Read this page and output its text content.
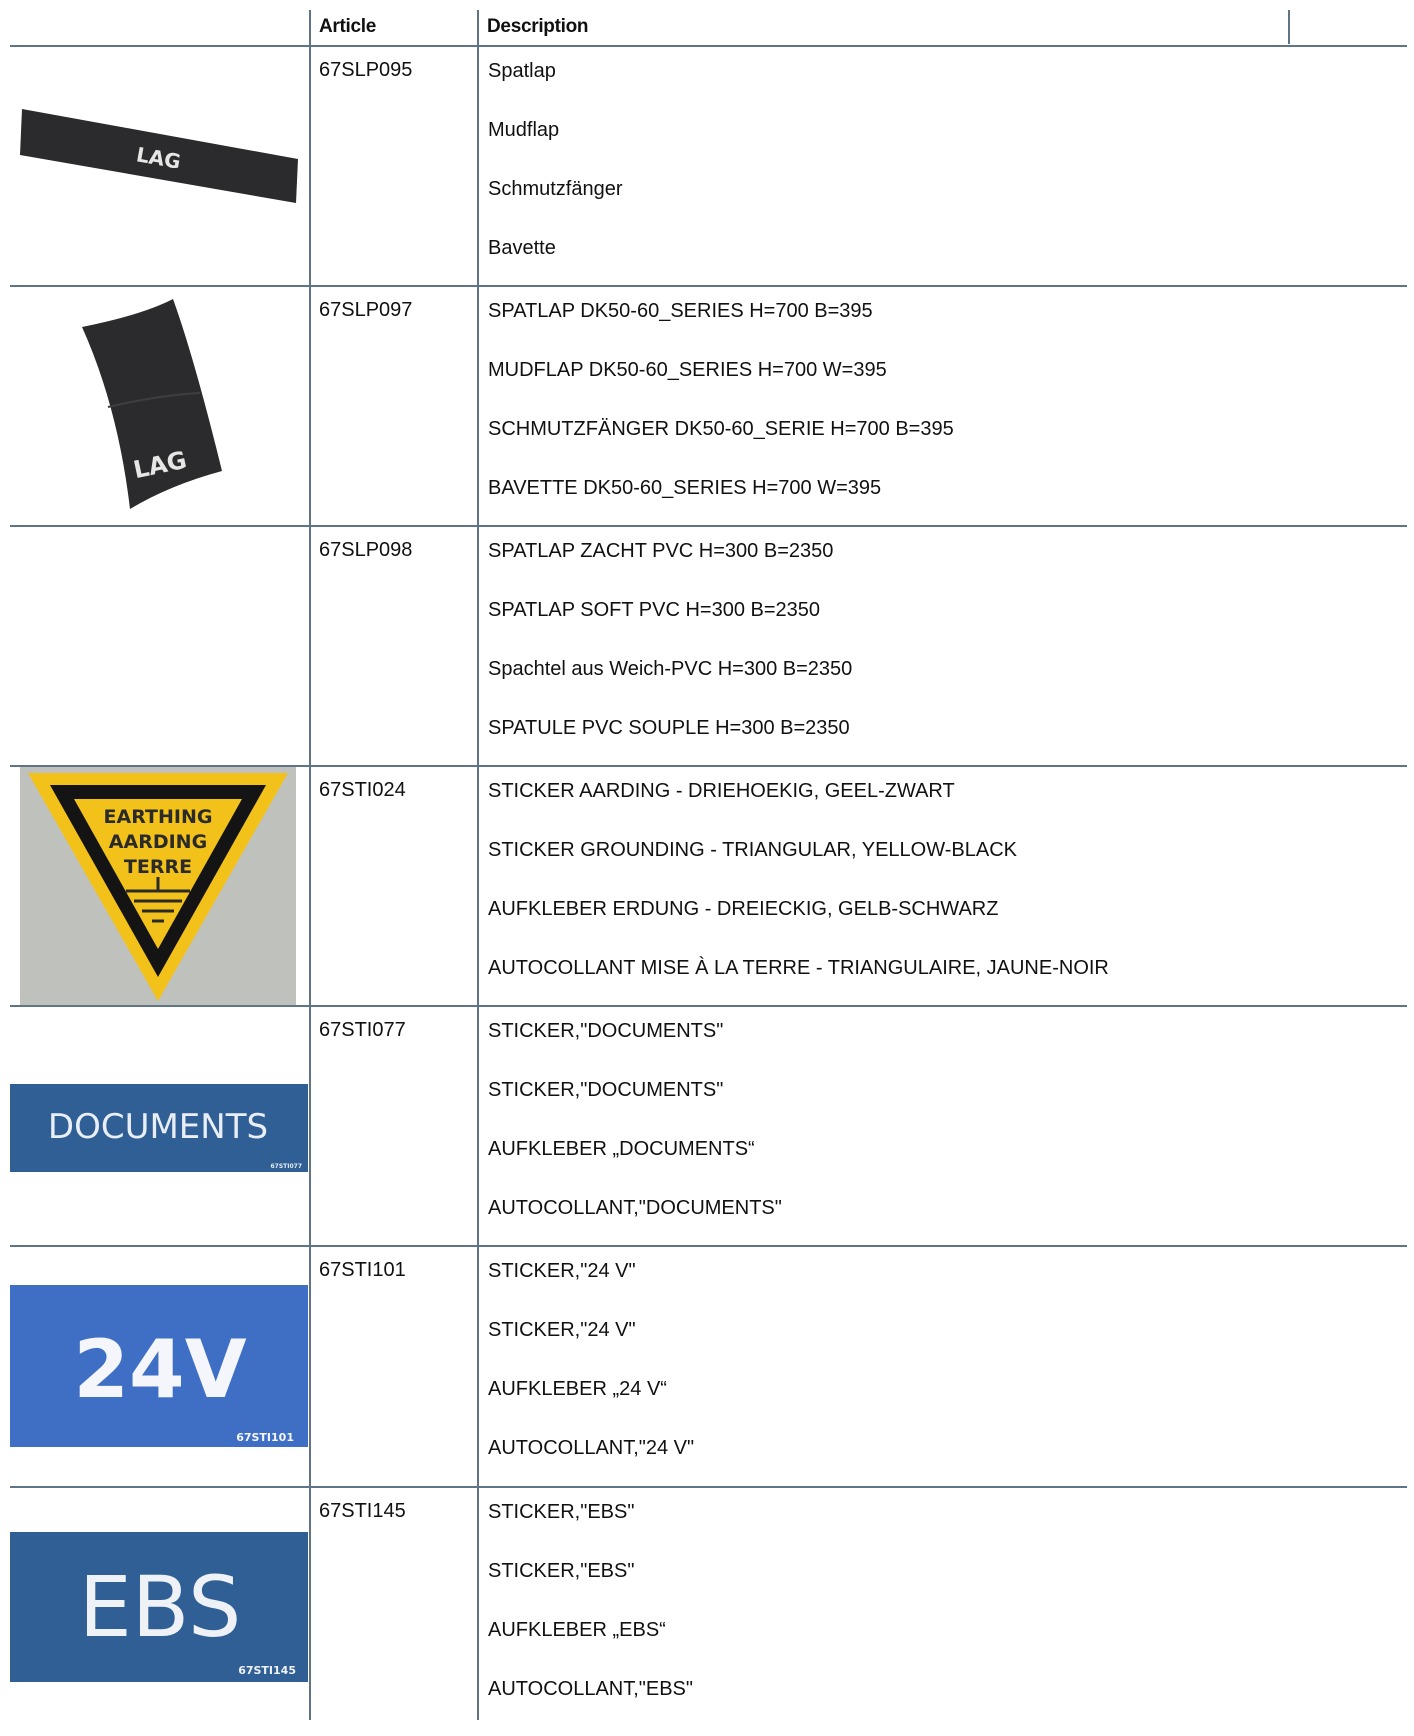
Article	Description
LAG
67SLP095	Spatlap
Mudflap
Schmutzfänger
Bavette
LAG
67SLP097	SPATLAP DK50-60_SERIES H=700 B=395
MUDFLAP DK50-60_SERIES H=700 W=395
SCHMUTZFÄNGER DK50-60_SERIE H=700 B=395
BAVETTE DK50-60_SERIES H=700 W=395
67SLP098	SPATLAP ZACHT PVC H=300 B=2350
SPATLAP SOFT PVC H=300 B=2350
Spachtel aus Weich-PVC H=300 B=2350
SPATULE PVC SOUPLE H=300 B=2350
EARTHING
AARDING
TERRE
67STI024	STICKER AARDING - DRIEHOEKIG, GEEL-ZWART
STICKER GROUNDING - TRIANGULAR, YELLOW-BLACK
AUFKLEBER ERDUNG - DREIECKIG, GELB-SCHWARZ
AUTOCOLLANT MISE À LA TERRE - TRIANGULAIRE, JAUNE-NOIR
DOCUMENTS
67STI077
67STI077	STICKER,"DOCUMENTS"
STICKER,"DOCUMENTS"
AUFKLEBER „DOCUMENTS“
AUTOCOLLANT,"DOCUMENTS"
24V
67STI101
67STI101	STICKER,"24 V"
STICKER,"24 V"
AUFKLEBER „24 V“
AUTOCOLLANT,"24 V"
EBS
67STI145
67STI145	STICKER,"EBS"
STICKER,"EBS"
AUFKLEBER „EBS“
AUTOCOLLANT,"EBS"
